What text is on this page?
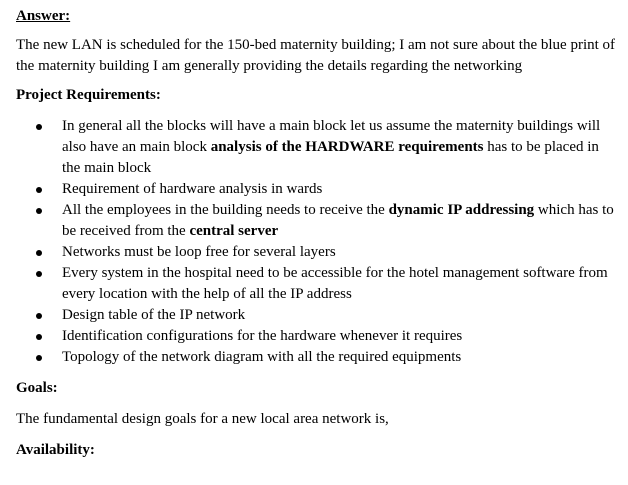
Answer:

The new LAN is scheduled for the 150-bed maternity building; I am not sure about the blue print of the maternity building I am generally providing the details regarding the networking

Project Requirements:

In general all the blocks will have a main block let us assume the maternity buildings will also have an main block analysis of the HARDWARE requirements has to be placed in the main block
Requirement of hardware analysis in wards
All the employees in the building needs to receive the dynamic IP addressing which has to be received from the central server
Networks must be loop free for several layers
Every system in the hospital need to be accessible for the hotel management software from every location with the help of all the IP address
Design table of the IP network
Identification configurations for the hardware whenever it requires
Topology of the network diagram with all the required equipments

Goals:

The fundamental design goals for a new local area network is,

Availability:
